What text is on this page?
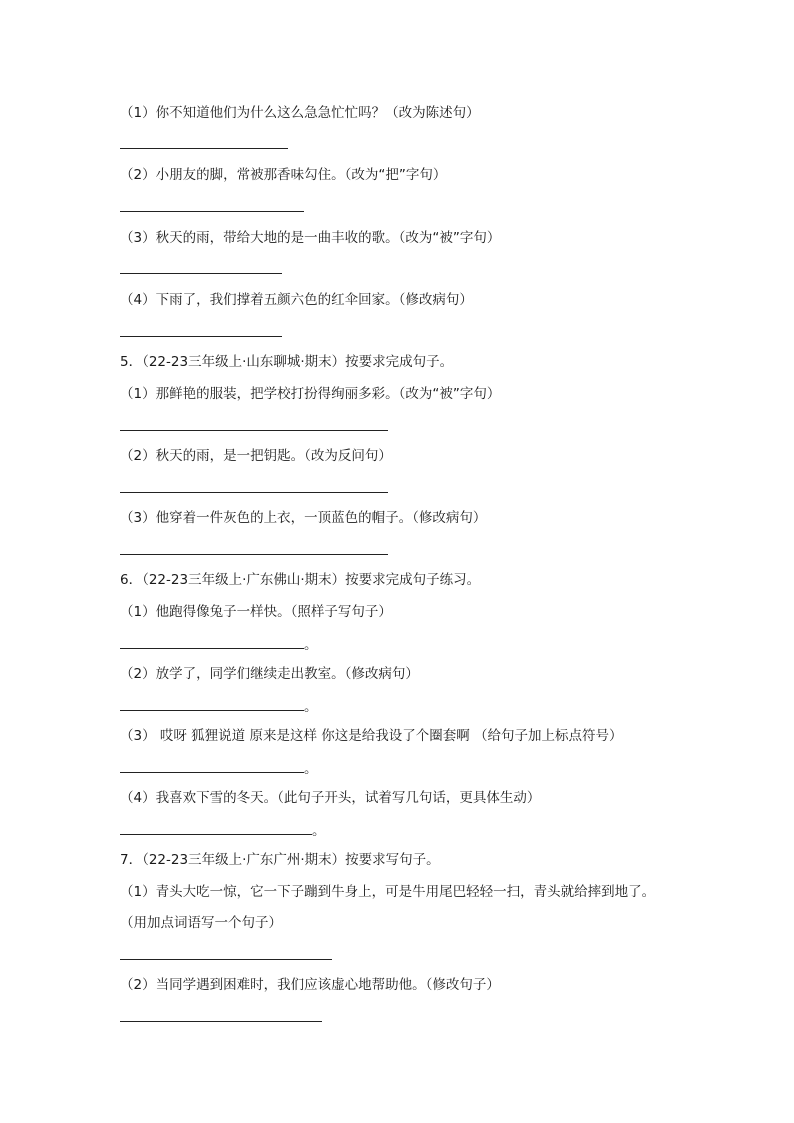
（1）你不知道他们为什么这么急急忙忙吗？（改为陈述句）
（2）小朋友的脚，常被那香味勾住。（改为“把”字句）
（3）秋天的雨，带给大地的是一曲丰收的歌。（改为“被”字句）
（4）下雨了，我们撑着五颜六色的红伞回家。（修改病句）
5．（22-23三年级上·山东聊城·期末）按要求完成句子。
（1）那鲜艳的服装，把学校打扮得绚丽多彩。（改为“被”字句）
（2）秋天的雨，是一把钥匙。（改为反问句）
（3）他穿着一件灰色的上衣，一顶蓝色的帽子。（修改病句）
6．（22-23三年级上·广东佛山·期末）按要求完成句子练习。
（1）他跑得像兔子一样快。（照样子写句子）
。
（2）放学了，同学们继续走出教室。（修改病句）
。
（3） 哎呀 狐狸说道 原来是这样 你这是给我设了个圈套啊 （给句子加上标点符号）
。
（4）我喜欢下雪的冬天。（此句子开头，试着写几句话，更具体生动）
。
7．（22-23三年级上·广东广州·期末）按要求写句子。
（1）青头大吃一惊，它一下子蹦到牛身上，可是牛用尾巴轻轻一扫，青头就给摔到地了。
（用加点词语写一个句子）
（2）当同学遇到困难时，我们应该虚心地帮助他。（修改句子）
